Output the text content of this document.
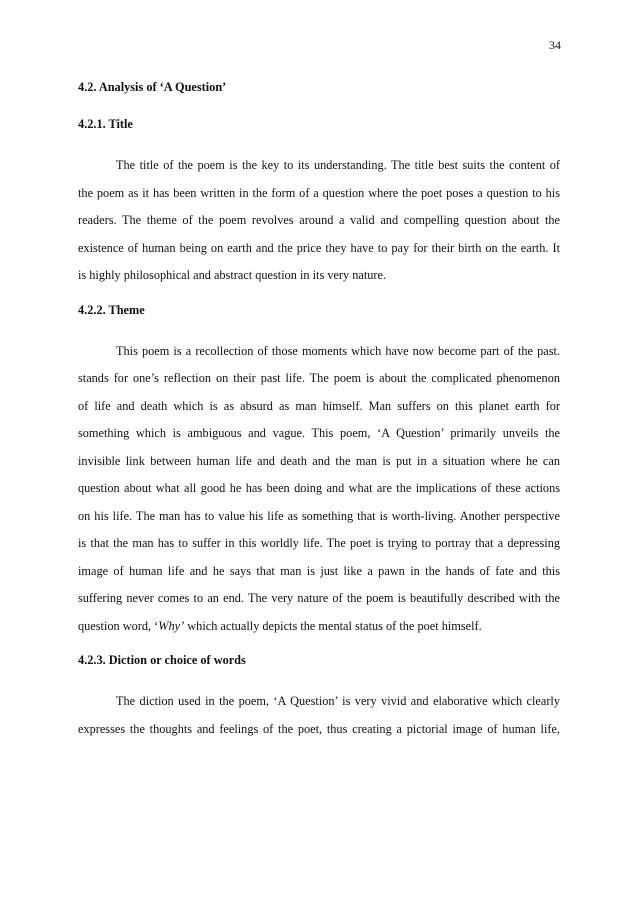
34

4.2. Analysis of ‘A Question’

4.2.1. Title

The title of the poem is the key to its understanding. The title best suits the content of
the poem as it has been written in the form of a question where the poet poses a question to his
readers. The theme of the poem revolves around a valid and compelling question about the
existence of human being on earth and the price they have to pay for their birth on the earth. It
is highly philosophical and abstract question in its very nature.

4.2.2. Theme

This poem is a recollection of those moments which have now become part of the past.
stands for one’s reflection on their past life. The poem is about the complicated phenomenon
of life and death which is as absurd as man himself. Man suffers on this planet earth for
something which is ambiguous and vague. This poem, ‘A Question’ primarily unveils the
invisible link between human life and death and the man is put in a situation where he can
question about what all good he has been doing and what are the implications of these actions
on his life. The man has to value his life as something that is worth-living. Another perspective
is that the man has to suffer in this worldly life. The poet is trying to portray that a depressing
image of human life and he says that man is just like a pawn in the hands of fate and this
suffering never comes to an end. The very nature of the poem is beautifully described with the
question word, ‘Why’ which actually depicts the mental status of the poet himself.

4.2.3. Diction or choice of words

The diction used in the poem, ‘A Question’ is very vivid and elaborative which clearly
expresses the thoughts and feelings of the poet, thus creating a pictorial image of human life,
